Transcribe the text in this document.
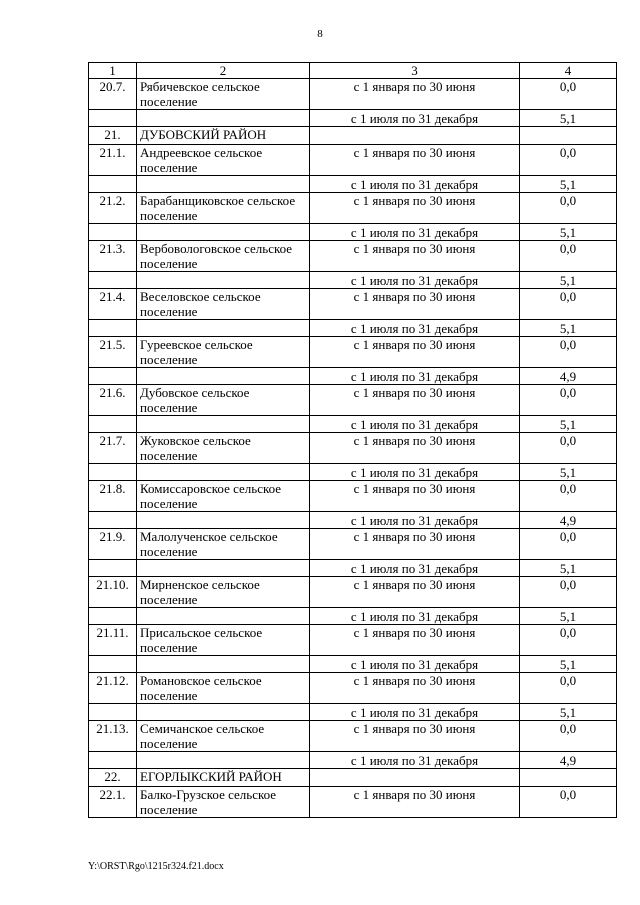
8
1	2	3	4
20.7.	Рябичевское сельское поселение	с 1 января по 30 июня	0,0
		с 1 июля по 31 декабря	5,1
21.	ДУБОВСКИЙ РАЙОН		
21.1.	Андреевское сельское поселение	с 1 января по 30 июня	0,0
		с 1 июля по 31 декабря	5,1
21.2.	Барабанщиковское сельское поселение	с 1 января по 30 июня	0,0
		с 1 июля по 31 декабря	5,1
21.3.	Вербовологовское сельское поселение	с 1 января по 30 июня	0,0
		с 1 июля по 31 декабря	5,1
21.4.	Веселовское сельское поселение	с 1 января по 30 июня	0,0
		с 1 июля по 31 декабря	5,1
21.5.	Гуреевское сельское поселение	с 1 января по 30 июня	0,0
		с 1 июля по 31 декабря	4,9
21.6.	Дубовское сельское поселение	с 1 января по 30 июня	0,0
		с 1 июля по 31 декабря	5,1
21.7.	Жуковское сельское поселение	с 1 января по 30 июня	0,0
		с 1 июля по 31 декабря	5,1
21.8.	Комиссаровское сельское поселение	с 1 января по 30 июня	0,0
		с 1 июля по 31 декабря	4,9
21.9.	Малолученское сельское поселение	с 1 января по 30 июня	0,0
		с 1 июля по 31 декабря	5,1
21.10.	Мирненское сельское поселение	с 1 января по 30 июня	0,0
		с 1 июля по 31 декабря	5,1
21.11.	Присальское сельское поселение	с 1 января по 30 июня	0,0
		с 1 июля по 31 декабря	5,1
21.12.	Романовское сельское поселение	с 1 января по 30 июня	0,0
		с 1 июля по 31 декабря	5,1
21.13.	Семичанское сельское поселение	с 1 января по 30 июня	0,0
		с 1 июля по 31 декабря	4,9
22.	ЕГОРЛЫКСКИЙ РАЙОН		
22.1.	Балко-Грузское сельское поселение	с 1 января по 30 июня	0,0
Y:\ORST\Rgo\1215r324.f21.docx
